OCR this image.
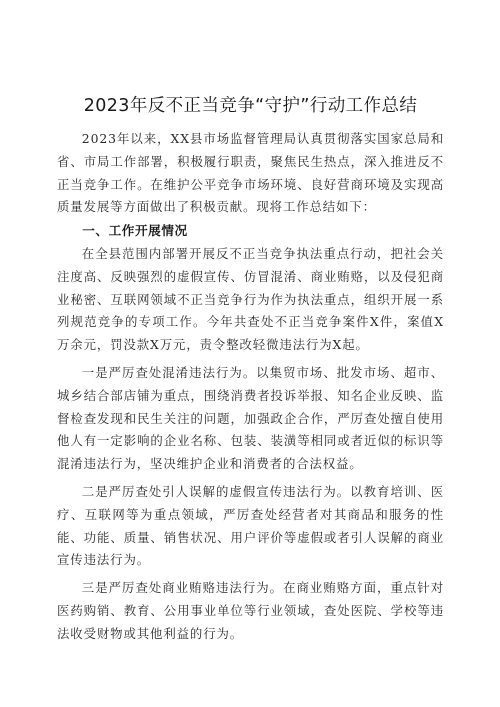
2023年反不正当竞争“守护”行动工作总结

2023年以来，XX县市场监督管理局认真贯彻落实国家总局和省、市局工作部署，积极履行职责，聚焦民生热点，深入推进反不正当竞争工作。在维护公平竞争市场环境、良好营商环境及实现高质量发展等方面做出了积极贡献。现将工作总结如下：

一、工作开展情况

在全县范围内部署开展反不正当竞争执法重点行动，把社会关注度高、反映强烈的虚假宣传、仿冒混淆、商业贿赂，以及侵犯商业秘密、互联网领域不正当竞争行为作为执法重点，组织开展一系列规范竞争的专项工作。今年共查处不正当竞争案件X件，案值X万余元，罚没款X万元，责令整改轻微违法行为X起。

一是严厉查处混淆违法行为。以集贸市场、批发市场、超市、城乡结合部店铺为重点，围绕消费者投诉举报、知名企业反映、监督检查发现和民生关注的问题，加强政企合作，严厉查处擅自使用他人有一定影响的企业名称、包装、装潢等相同或者近似的标识等混淆违法行为，坚决维护企业和消费者的合法权益。

二是严厉查处引人误解的虚假宣传违法行为。以教育培训、医疗、互联网等为重点领域，严厉查处经营者对其商品和服务的性能、功能、质量、销售状况、用户评价等虚假或者引人误解的商业宣传违法行为。

三是严厉查处商业贿赂违法行为。在商业贿赂方面，重点针对医药购销、教育、公用事业单位等行业领域，查处医院、学校等违法收受财物或其他利益的行为。
